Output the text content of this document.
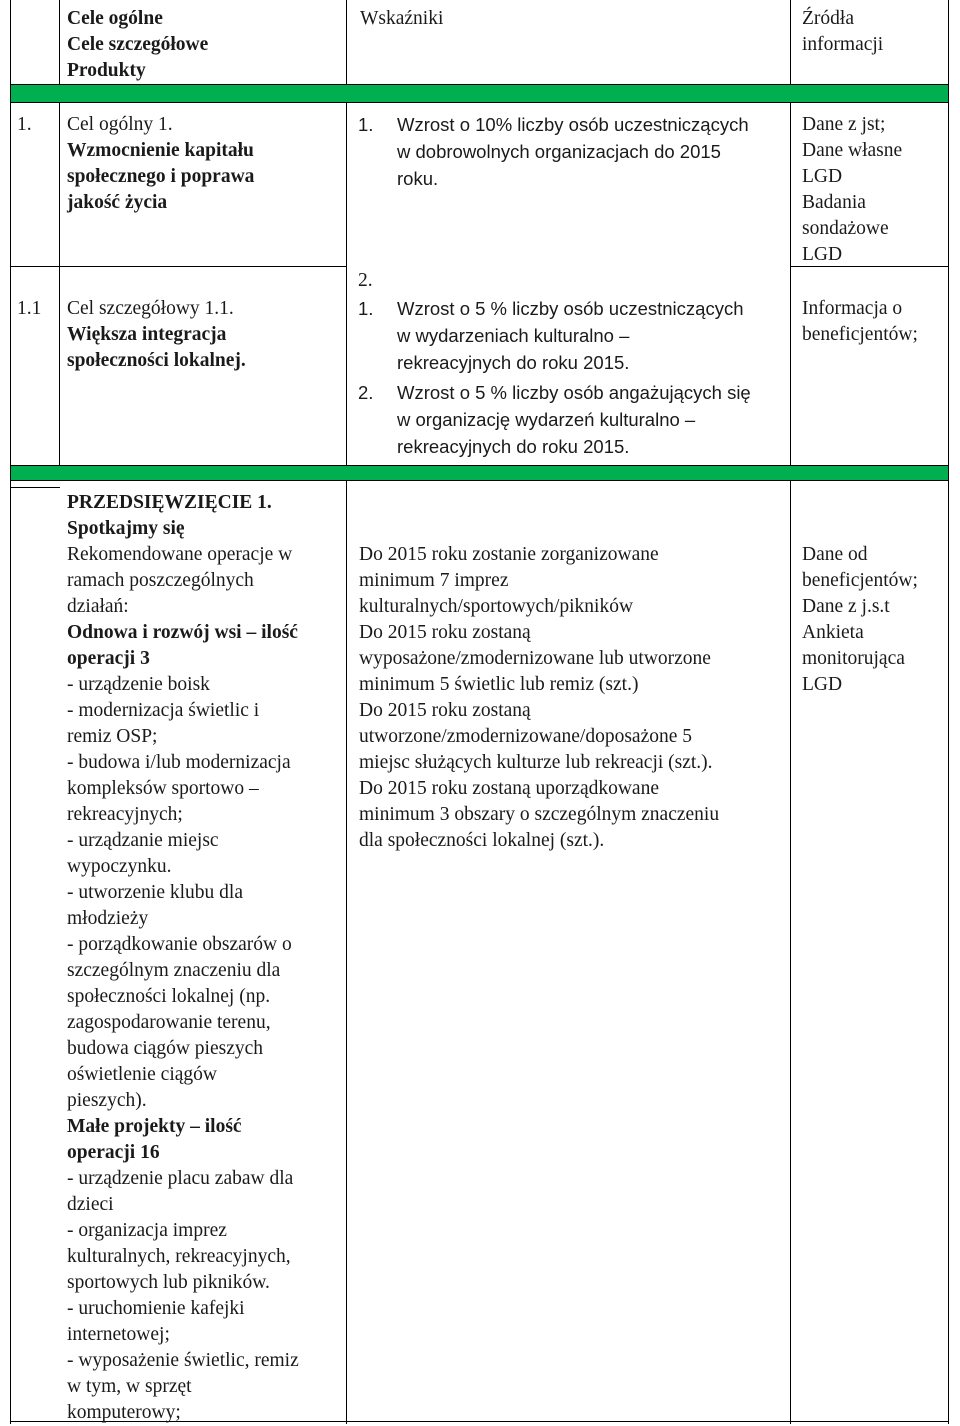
Cele ogólne
Cele szczegółowe
Produkty
Wskaźniki	Źródła
informacji
1. Cel ogólny 1.
Wzmocnienie kapitału
społecznego i poprawa
jakość życia
1. Wzrost o 10% liczby osób uczestniczących
w dobrowolnych organizacjach do 2015
roku.
Dane z jst;
Dane własne
LGD
Badania
sondażowe
LGD
1.1 Cel szczegółowy 1.1.
Większa integracja
społeczności lokalnej.
2.
1. Wzrost o 5 % liczby osób uczestniczących
w wydarzeniach kulturalno –
rekreacyjnych do roku 2015.
2. Wzrost o 5 % liczby osób angażujących się
w organizację wydarzeń kulturalno –
rekreacyjnych do roku 2015.
Informacja o
beneficjentów;
PRZEDSIĘWZIĘCIE 1.
Spotkajmy się
Rekomendowane operacje w
ramach poszczególnych
działań:
Odnowa i rozwój wsi – ilość
operacji 3
- urządzenie boisk
- modernizacja świetlic i
remiz OSP;
- budowa i/lub modernizacja
kompleksów sportowo –
rekreacyjnych;
- urządzanie miejsc
wypoczynku.
- utworzenie klubu dla
młodzieży
- porządkowanie obszarów o
szczególnym znaczeniu dla
społeczności lokalnej (np.
zagospodarowanie terenu,
budowa ciągów pieszych
oświetlenie ciągów
pieszych).
Małe projekty – ilość
operacji 16
- urządzenie placu zabaw dla
dzieci
- organizacja imprez
kulturalnych, rekreacyjnych,
sportowych lub pikników.
- uruchomienie kafejki
internetowej;
- wyposażenie świetlic, remiz
w tym, w sprzęt
komputerowy;
Do 2015 roku zostanie zorganizowane
minimum 7 imprez
kulturalnych/sportowych/pikników
Do 2015 roku zostaną
wyposażone/zmodernizowane lub utworzone
minimum 5 świetlic lub remiz (szt.)
Do 2015 roku zostaną
utworzone/zmodernizowane/doposażone 5
miejsc służących kulturze lub rekreacji (szt.).
Do 2015 roku zostaną uporządkowane
minimum 3 obszary o szczególnym znaczeniu
dla społeczności lokalnej (szt.).
Dane od
beneficjentów;
Dane z j.s.t
Ankieta
monitorująca
LGD
